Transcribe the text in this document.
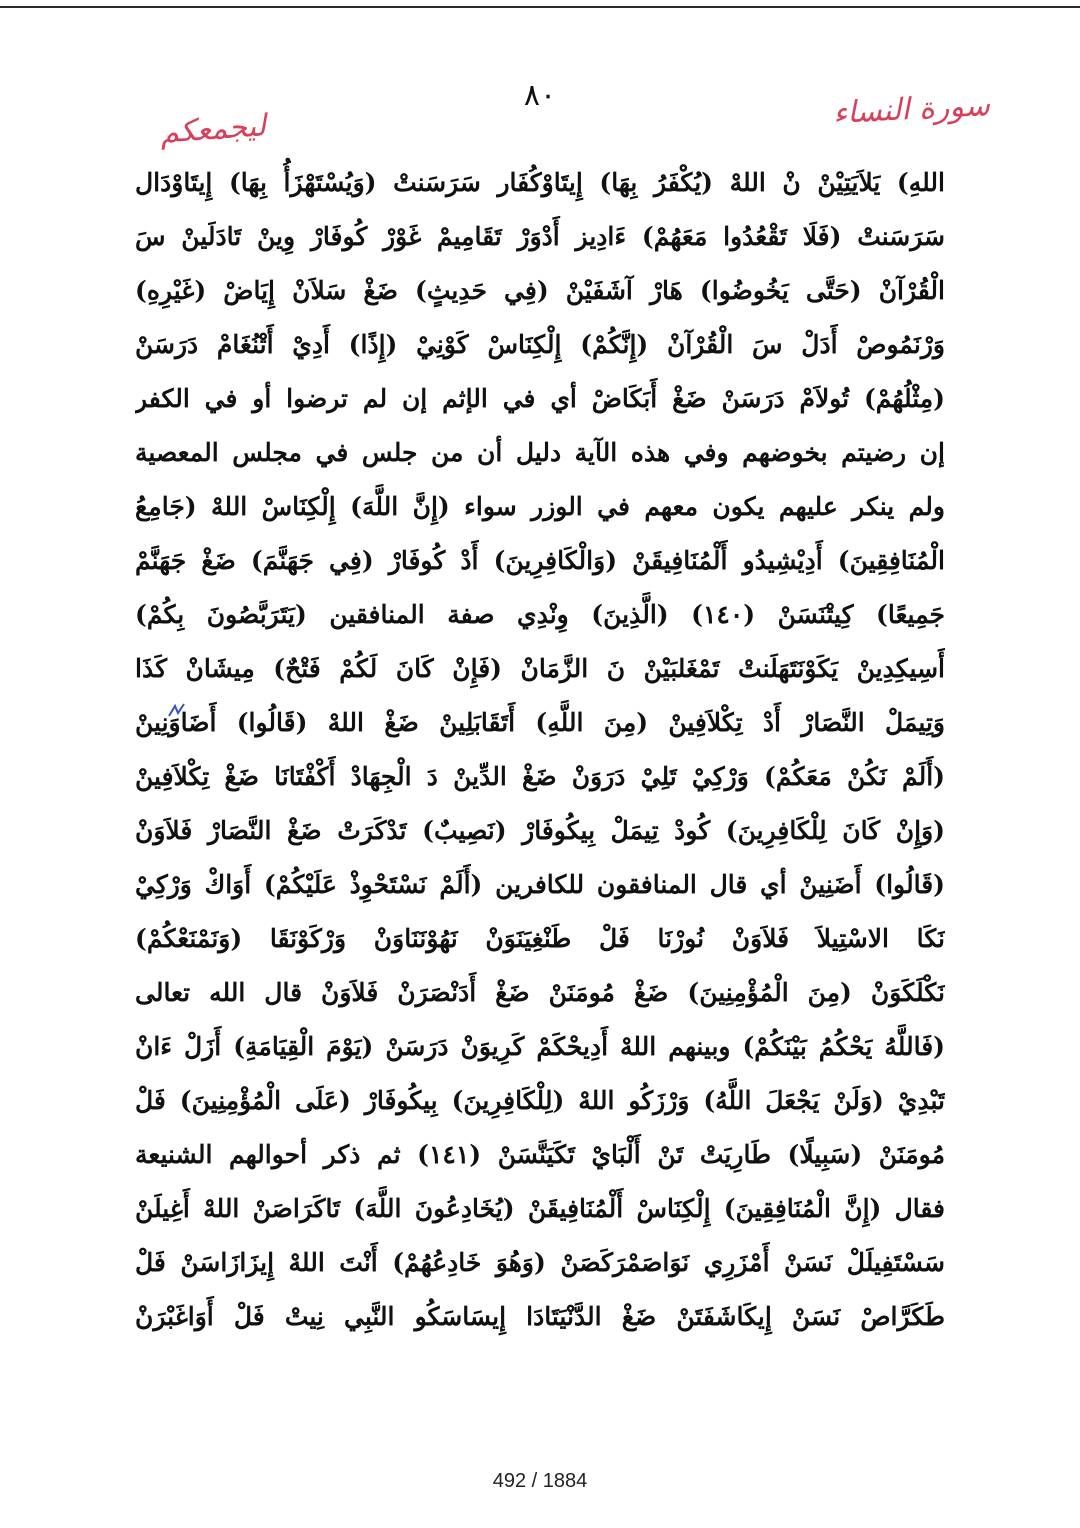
سورة النساء
٨٠
ليجمعكم
اللهِ) يَلاَيَتِيْنْ نْ اللهْ (يُكْفَرُ بِهَا) إِيتَاوْكُفَار سَرَسَنتْ (وَيُسْتَهْزَأُ بِهَا) إِيتَاوْدَال
سَرَسَنتْ (فَلَا تَقْعُدُوا مَعَهُمْ) ءَادِيز أَدْوَرْ تَقَامِيمْ غَوْرْ كُوفَارْ وِينْ تَادَلَينْ سَ
الْقُرْآنْ (حَتَّى يَخُوضُوا) هَارْ آشَفَيْنْ (فِي حَدِيثٍ) ضَغْ سَلاَنْ إِيَاضْ (غَيْرِهِ)
وَرْنَمُوصْ أَدَلْ سَ الْقُرْآنْ (إِنَّكُمْ) إِلْكِنَاسْ كَوْنِيْ (إِذًا) أَدِيْ أَتْنُغَامْ دَرَسَنْ
(مِثْلُهُمْ) تُولاَمْ دَرَسَنْ ضَغْ أَبَكَاضْ أي في الإثم إن لم ترضوا أو في الكفر
إن رضيتم بخوضهم وفي هذه الآية دليل أن من جلس في مجلس المعصية
ولم ينكر عليهم يكون معهم في الوزر سواء (إِنَّ اللَّهَ) إِلْكِنَاسْ اللهْ (جَامِعُ
الْمُنَافِقِينَ) أَدِيْشِيدُو أَلْمُنَافِيقَنْ (وَالْكَافِرِينَ) أَدْ كُوفَارْ (فِي جَهَنَّمَ) ضَغْ جَهَنَّمْ
جَمِيعًا) كِيتْنَسَنْ (١٤٠) (الَّذِينَ) وِنْدِي صفة المنافقين (يَتَرَبَّصُونَ بِكُمْ)
أَسِيكِدِينْ يَكَوْنَتَهَلَنتْ تَمْغَلبَيْنْ نَ الزَّمَانْ (فَإِنْ كَانَ لَكُمْ فَتْحٌ) مِيشَانْ كَذَا
وَتِيمَلْ النَّصَارْ أَدْ تِكْلاَفِينْ (مِنَ اللَّهِ) أَتَقَابَلِينْ ضَغْ اللهْ (قَالُوا) أَضَاوَنِينْ
(أَلَمْ نَكُنْ مَعَكُمْ) وَرْكِيْ تَلِيْ دَرَوَنْ ضَغْ الدِّينْ دَ الْجِهَادْ أَكْفْتَانَا ضَغْ تِكْلاَفِينْ
(وَإِنْ كَانَ لِلْكَافِرِينَ) كُودْ تِيمَلْ بِيكُوفَارْ (نَصِيبٌ) تَدْكَرَتْ ضَغْ النَّصَارْ فَلاَوَنْ
(قَالُوا) أَضَنِينْ أي قال المنافقون للكافرين (أَلَمْ نَسْتَحْوِذْ عَلَيْكُمْ) أَوَاكْ وَرْكِيْ
نَكَا الاسْتِيلاَ فَلاَوَنْ نُورْنَا فَلْ طَنْغِيَنَوَنْ نَهُوْنَنَاوَنْ وَرْكَوْنَقَا (وَنَمْنَعْكُمْ)
نَكْلَكَوَنْ (مِنَ الْمُؤْمِنِينَ) ضَغْ مُومَنَنْ ضَغْ أَدَنْصَرَنْ فَلاَوَنْ قال الله تعالى
(فَاللَّهُ يَحْكُمُ بَيْنَكُمْ) وبينهم اللهْ أَدِيحْكَمْ كَرِيوَنْ دَرَسَنْ (يَوْمَ الْقِيَامَةِ) أَزَلْ ءَانْ
تَبْدِيْ (وَلَنْ يَجْعَلَ اللَّهُ) وَرْزَكُو اللهْ (لِلْكَافِرِينَ) بِيكُوفَارْ (عَلَى الْمُؤْمِنِينَ) فَلْ
مُومَنَنْ (سَبِيلًا) طَارِيَتْ تَنْ أَلْبَايْ تَكَيَنَّسَنْ (١٤١) ثم ذكر أحوالهم الشنيعة
فقال (إِنَّ الْمُنَافِقِينَ) إِلْكِنَاسْ أَلْمُنَافِيقَنْ (يُخَادِعُونَ اللَّهَ) تَاكَرَاصَنْ اللهْ أَغِيلَنْ
سَسْتَفِيلَلْ نَسَنْ أَمْزَرِي نَوَاصَمْرَكَصَنْ (وَهُوَ خَادِعُهُمْ) أَنْتَ اللهْ إِيزَازَاسَنْ فَلْ
طَكَرَّاصْ نَسَنْ إِيكَاشَفَتَنْ ضَغْ الدَّنْيَتَادَا إِيسَاسَكُو النَّبِي نِيتْ فَلْ أَوَاغَبْرَنْ
492 / 1884
